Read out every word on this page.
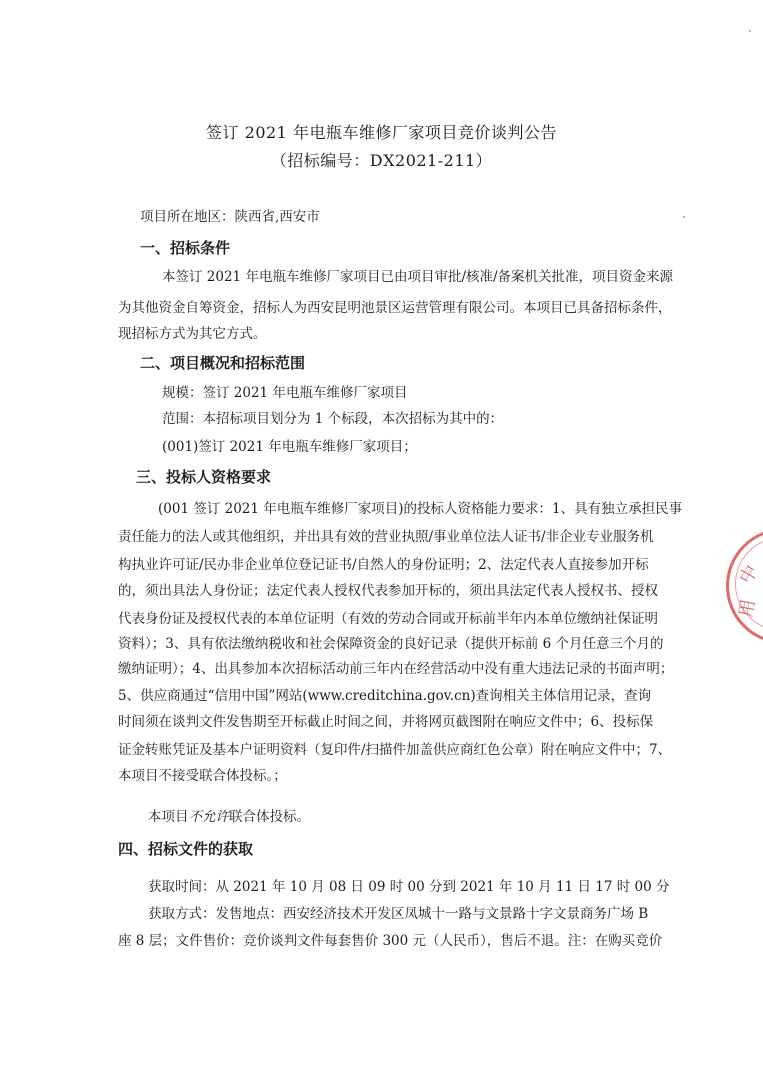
签订 2021 年电瓶车维修厂家项目竞价谈判公告
（招标编号：DX2021-211）
项目所在地区：陕西省,西安市
一、招标条件
本签订 2021 年电瓶车维修厂家项目已由项目审批/核准/备案机关批准，项目资金来源
为其他资金自筹资金，招标人为西安昆明池景区运营管理有限公司。本项目已具备招标条件，
现招标方式为其它方式。
二、项目概况和招标范围
规模：签订 2021 年电瓶车维修厂家项目
范围：本招标项目划分为 1 个标段，本次招标为其中的：
(001)签订 2021 年电瓶车维修厂家项目；
三、投标人资格要求
(001 签订 2021 年电瓶车维修厂家项目)的投标人资格能力要求：1、具有独立承担民事
责任能力的法人或其他组织，并出具有效的营业执照/事业单位法人证书/非企业专业服务机
构执业许可证/民办非企业单位登记证书/自然人的身份证明；2、法定代表人直接参加开标
的，须出具法人身份证；法定代表人授权代表参加开标的，须出具法定代表人授权书、授权
代表身份证及授权代表的本单位证明（有效的劳动合同或开标前半年内本单位缴纳社保证明
资料）；3、具有依法缴纳税收和社会保障资金的良好记录（提供开标前 6 个月任意三个月的
缴纳证明）；4、出具参加本次招标活动前三年内在经营活动中没有重大违法记录的书面声明；
5、供应商通过“信用中国”网站(www.creditchina.gov.cn)查询相关主体信用记录，查询
时间须在谈判文件发售期至开标截止时间之间，并将网页截图附在响应文件中；6、投标保
证金转账凭证及基本户证明资料（复印件/扫描件加盖供应商红色公章）附在响应文件中；7、
本项目不接受联合体投标。；
本项目不允许联合体投标。
四、招标文件的获取
获取时间：从 2021 年 10 月 08 日 09 时 00 分到 2021 年 10 月 11 日 17 时 00 分
获取方式：发售地点：西安经济技术开发区凤城十一路与文景路十字文景商务广场 B
座 8 层；文件售价：竞价谈判文件每套售价 300 元（人民币），售后不退。注：在购买竞价
中
用
